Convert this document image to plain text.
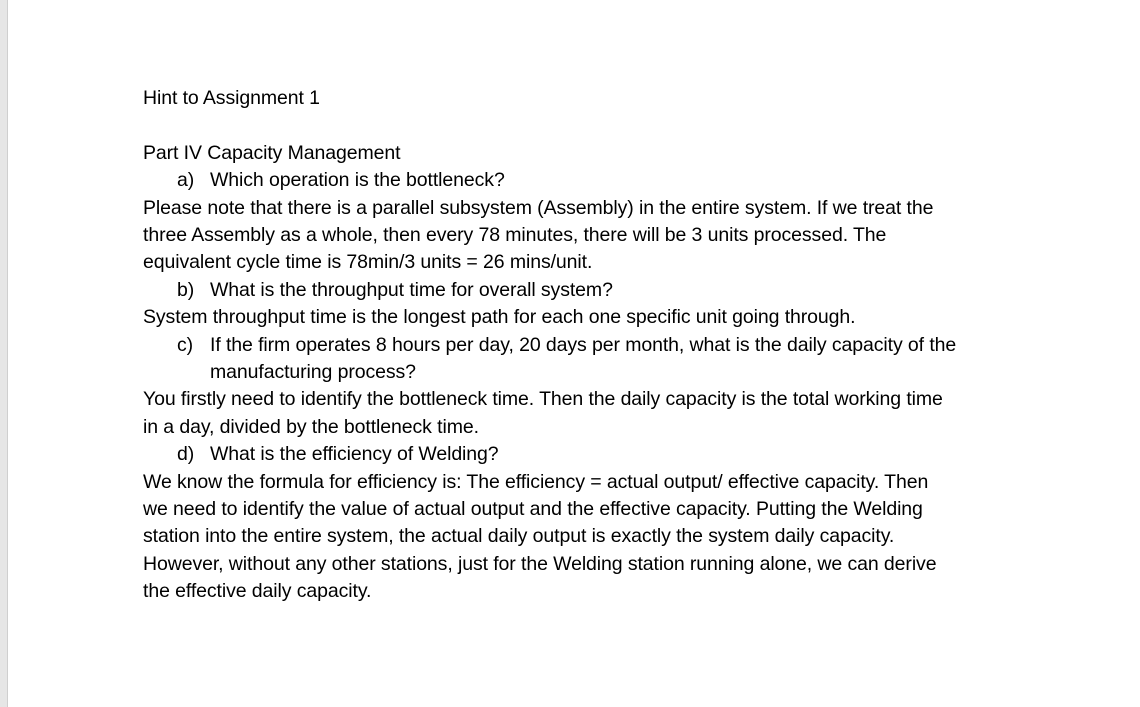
Hint to Assignment 1

Part IV Capacity Management

a) Which operation is the bottleneck?

Please note that there is a parallel subsystem (Assembly) in the entire system. If we treat the

three Assembly as a whole, then every 78 minutes, there will be 3 units processed. The

equivalent cycle time is 78min/3 units = 26 mins/unit.

b) What is the throughput time for overall system?

System throughput time is the longest path for each one specific unit going through.

c) If the firm operates 8 hours per day, 20 days per month, what is the daily capacity of the

manufacturing process?

You firstly need to identify the bottleneck time. Then the daily capacity is the total working time

in a day, divided by the bottleneck time.

d) What is the efficiency of Welding?

We know the formula for efficiency is: The efficiency = actual output/ effective capacity. Then

we need to identify the value of actual output and the effective capacity. Putting the Welding

station into the entire system, the actual daily output is exactly the system daily capacity.

However, without any other stations, just for the Welding station running alone, we can derive

the effective daily capacity.
